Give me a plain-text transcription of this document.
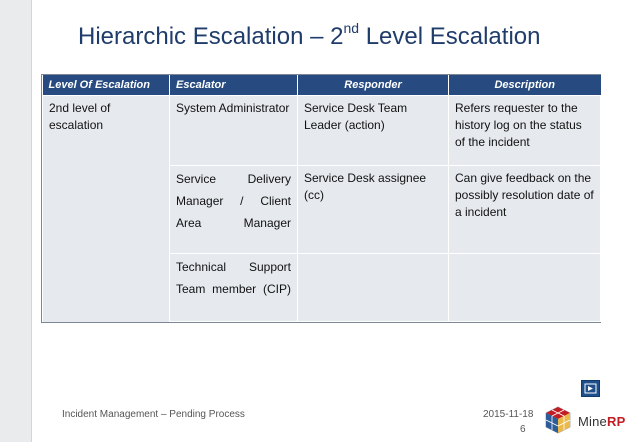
Hierarchic Escalation – 2nd Level Escalation
Level Of Escalation	Escalator	Responder	Description
2nd level of escalation	System Administrator	Service Desk Team Leader (action)	Refers requester to the history log on the status of the incident
	Service Delivery Manager / Client Area Manager	Service Desk assignee (cc)	Can give feedback on the possibly resolution date of a incident
	Technical Support Team member (CIP)		
Incident Management – Pending Process	2015-11-18
6
MineRP
